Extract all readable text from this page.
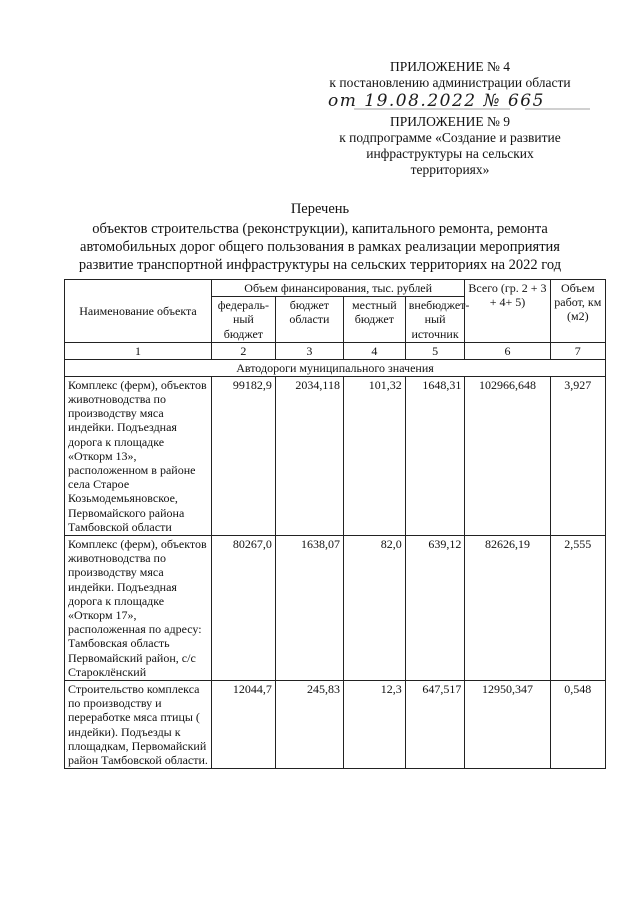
ПРИЛОЖЕНИЕ № 4
к постановлению администрации области
от 19.08.2022 № 665
ПРИЛОЖЕНИЕ № 9
к подпрограмме «Создание и развитие
инфраструктуры на сельских
территориях»
Перечень
объектов строительства (реконструкции), капитального ремонта, ремонта
автомобильных дорог общего пользования в рамках реализации мероприятия
развитие транспортной инфраструктуры на сельских территориях на 2022 год
Наименование объекта	Объем финансирования, тыс. рублей				Всего (гр. 2 + 3 + 4+ 5)	Объем работ, км (м2)
	федераль-ный бюджет	бюджет области	местный бюджет	внебюджет-ный источник		
1	2	3	4	5	6	7
Автодороги муниципального значения						
Комплекс (ферм), объектов животноводства по производству мяса индейки. Подъездная дорога к площадке «Откорм 13», расположенном в районе села Старое Козьмодемьяновское, Первомайского района Тамбовской области	99182,9	2034,118	101,32	1648,31	102966,648	3,927
Комплекс (ферм), объектов животноводства по производству мяса индейки. Подъездная дорога к площадке «Откорм 17», расположенная по адресу: Тамбовская область Первомайский район, с/с Староклёнский	80267,0	1638,07	82,0	639,12	82626,19	2,555
Строительство комплекса по производству и переработке мяса птицы ( индейки). Подъезды к площадкам, Первомайский район Тамбовской области.	12044,7	245,83	12,3	647,517	12950,347	0,548
